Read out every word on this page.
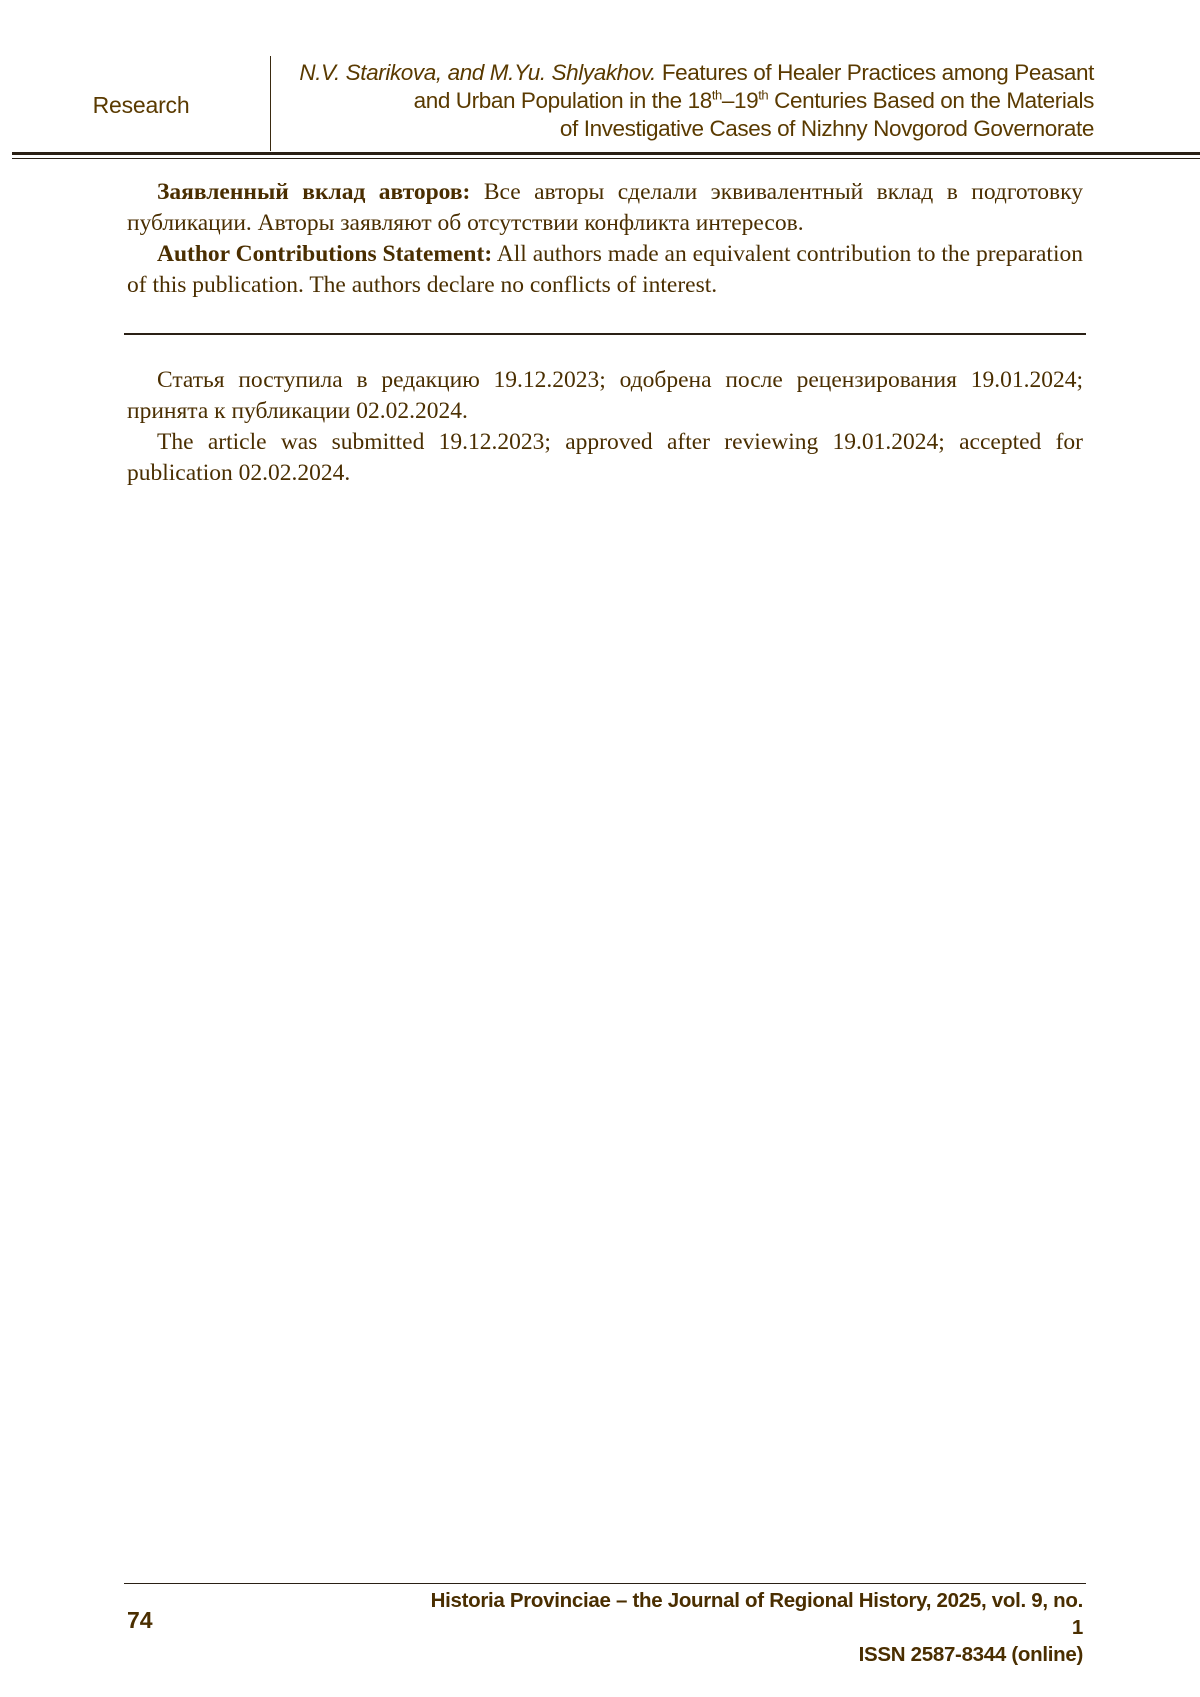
Research
N.V. Starikova, and M.Yu. Shlyakhov. Features of Healer Practices among Peasant
and Urban Population in the 18th–19th Centuries Based on the Materials
of Investigative Cases of Nizhny Novgorod Governorate

Заявленный вклад авторов: Все авторы сделали эквивалентный вклад в подготовку публикации. Авторы заявляют об отсутствии конфликта интересов.

Author Contributions Statement: All authors made an equivalent contribution to the preparation of this publication. The authors declare no conflicts of interest.

Статья поступила в редакцию 19.12.2023; одобрена после рецензирования 19.01.2024; принята к публикации 02.02.2024.

The article was submitted 19.12.2023; approved after reviewing 19.01.2024; accepted for publication 02.02.2024.

74
Historia Provinciae – the Journal of Regional History, 2025, vol. 9, no. 1
ISSN 2587-8344 (online)
